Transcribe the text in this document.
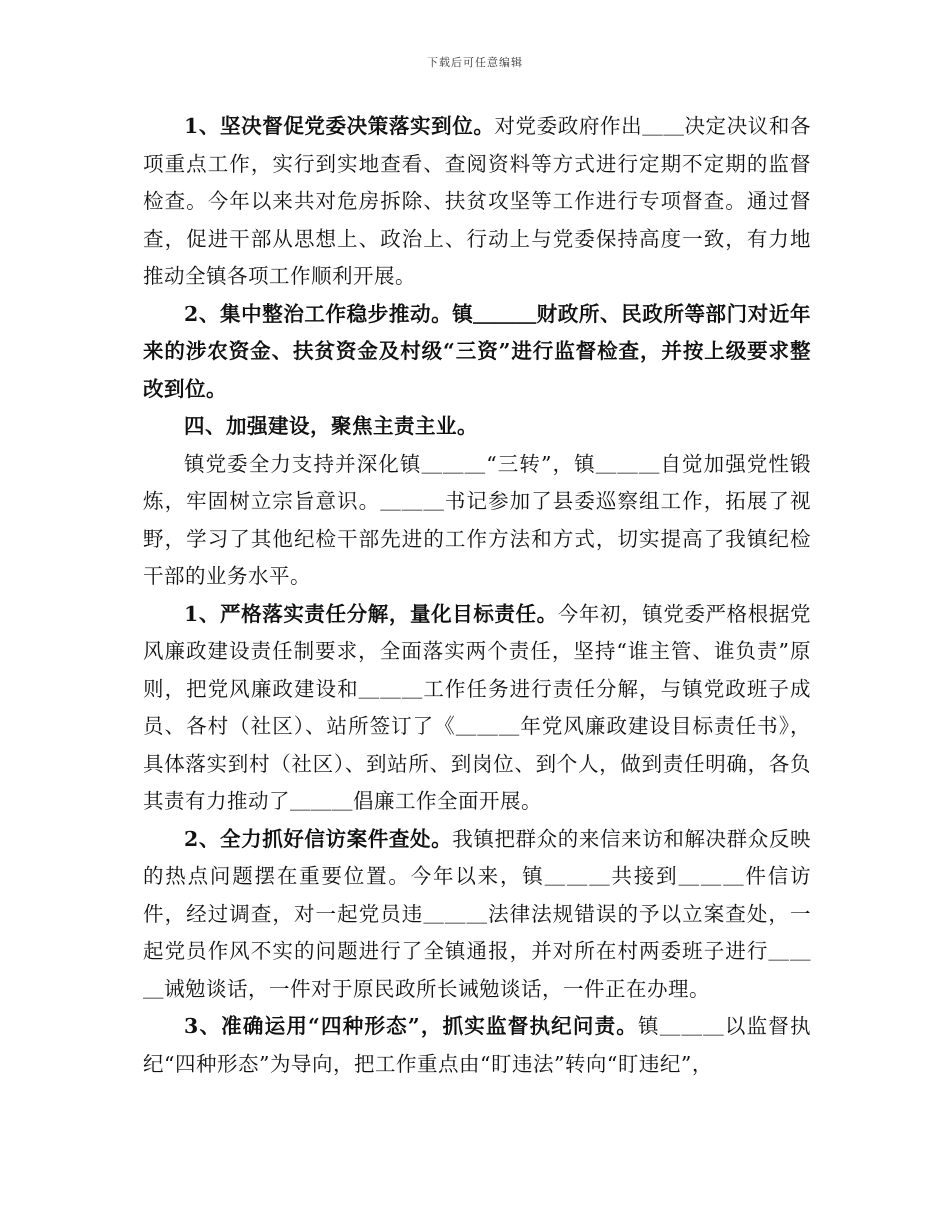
下载后可任意编辑

1、坚决督促党委决策落实到位。对党委政府作出＿＿决定决议和各项重点工作，实行到实地查看、查阅资料等方式进行定期不定期的监督检查。今年以来共对危房拆除、扶贫攻坚等工作进行专项督查。通过督查，促进干部从思想上、政治上、行动上与党委保持高度一致，有力地推动全镇各项工作顺利开展。

2、集中整治工作稳步推动。镇＿＿＿财政所、民政所等部门对近年来的涉农资金、扶贫资金及村级“三资”进行监督检查，并按上级要求整改到位。

四、加强建设，聚焦主责主业。

镇党委全力支持并深化镇＿＿＿“三转”，镇＿＿＿自觉加强党性锻炼，牢固树立宗旨意识。＿＿＿书记参加了县委巡察组工作，拓展了视野，学习了其他纪检干部先进的工作方法和方式，切实提高了我镇纪检干部的业务水平。

1、严格落实责任分解，量化目标责任。今年初，镇党委严格根据党风廉政建设责任制要求，全面落实两个责任，坚持“谁主管、谁负责”原则，把党风廉政建设和＿＿＿工作任务进行责任分解，与镇党政班子成员、各村（社区）、站所签订了《＿＿＿年党风廉政建设目标责任书》，具体落实到村（社区）、到站所、到岗位、到个人，做到责任明确，各负其责有力推动了＿＿＿倡廉工作全面开展。

2、全力抓好信访案件查处。我镇把群众的来信来访和解决群众反映的热点问题摆在重要位置。今年以来，镇＿＿＿共接到＿＿＿件信访件，经过调查，对一起党员违＿＿＿法律法规错误的予以立案查处，一起党员作风不实的问题进行了全镇通报，并对所在村两委班子进行＿＿＿诫勉谈话，一件对于原民政所长诫勉谈话，一件正在办理。

3、准确运用“四种形态”，抓实监督执纪问责。镇＿＿＿以监督执纪“四种形态”为导向，把工作重点由“盯违法”转向“盯违纪”，
